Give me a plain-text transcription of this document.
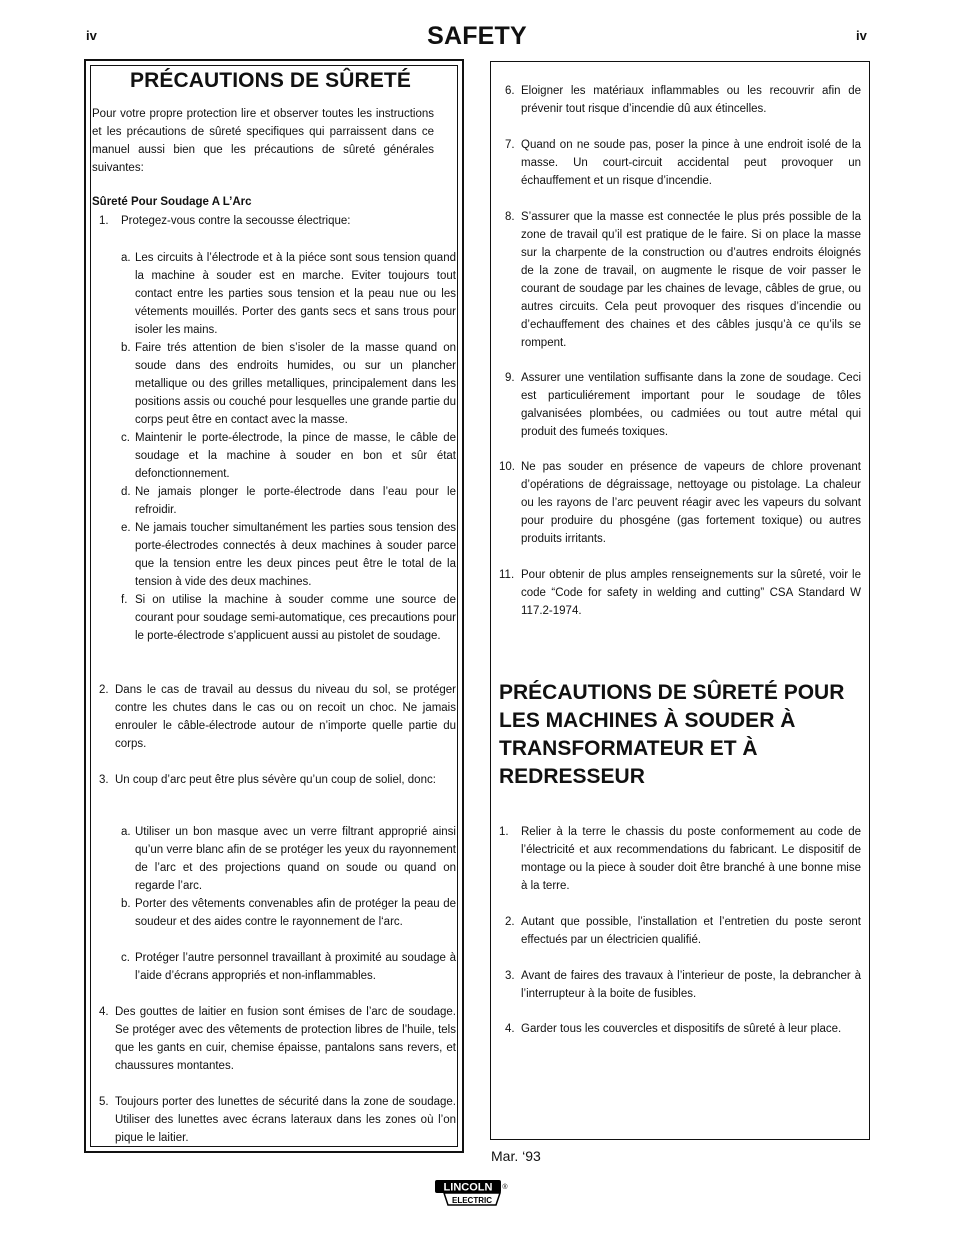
iv	SAFETY	iv
PRÉCAUTIONS DE SÛRETÉ
Pour votre propre protection lire et observer toutes les instructions et les précautions de sûreté specifiques qui parraissent dans ce manuel aussi bien que les précautions de sûreté générales suivantes:
Sûreté Pour Soudage A L’Arc
1.	Protegez-vous contre la secousse électrique:
a. Les circuits à l’électrode et à la piéce sont sous tension quand la machine à souder est en marche. Eviter toujours tout contact entre les parties sous tension et la peau nue ou les vétements mouillés. Porter des gants secs et sans trous pour isoler les mains.
b. Faire trés attention de bien s’isoler de la masse quand on soude dans des endroits humides, ou sur un plancher metallique ou des grilles metalliques, principalement dans les positions assis ou couché pour lesquelles une grande partie du corps peut être en contact avec la masse.
c. Maintenir le porte-électrode, la pince de masse, le câble de soudage et la machine à souder en bon et sûr état defonctionnement.
d. Ne jamais plonger le porte-électrode dans l’eau pour le refroidir.
e. Ne jamais toucher simultanément les parties sous tension des porte-électrodes connectés à deux machines à souder parce que la tension entre les deux pinces peut être le total de la tension à vide des deux machines.
f. Si on utilise la machine à souder comme une source de courant pour soudage semi-automatique, ces precautions pour le porte-électrode s’applicuent aussi au pistolet de soudage.
2. Dans le cas de travail au dessus du niveau du sol, se protéger contre les chutes dans le cas ou on recoit un choc. Ne jamais enrouler le câble-électrode autour de n’importe quelle partie du corps.
3. Un coup d’arc peut être plus sévère qu’un coup de soliel, donc:
a. Utiliser un bon masque avec un verre filtrant approprié ainsi qu’un verre blanc afin de se protéger les yeux du rayonnement de l’arc et des projections quand on soude ou quand on regarde l’arc.
b. Porter des vêtements convenables afin de protéger la peau de soudeur et des aides contre le rayonnement de l‘arc.
c. Protéger l’autre personnel travaillant à proximité au soudage à l’aide d’écrans appropriés et non-inflammables.
4. Des gouttes de laitier en fusion sont émises de l’arc de soudage. Se protéger avec des vêtements de protection libres de l’huile, tels que les gants en cuir, chemise épaisse, pantalons sans revers, et chaussures montantes.
5. Toujours porter des lunettes de sécurité dans la zone de soudage. Utiliser des lunettes avec écrans lateraux dans les zones où l’on pique le laitier.
6. Eloigner les matériaux inflammables ou les recouvrir afin de prévenir tout risque d’incendie dû aux étincelles.
7. Quand on ne soude pas, poser la pince à une endroit isolé de la masse. Un court-circuit accidental peut provoquer un échauffement et un risque d’incendie.
8. S’assurer que la masse est connectée le plus prés possible de la zone de travail qu’il est pratique de le faire. Si on place la masse sur la charpente de la construction ou d’autres endroits éloignés de la zone de travail, on augmente le risque de voir passer le courant de soudage par les chaines de levage, câbles de grue, ou autres circuits. Cela peut provoquer des risques d’incendie ou d’echauffement des chaines et des câbles jusqu’à ce qu’ils se rompent.
9. Assurer une ventilation suffisante dans la zone de soudage. Ceci est particuliérement important pour le soudage de tôles galvanisées plombées, ou cadmiées ou tout autre métal qui produit des fumeés toxiques.
10. Ne pas souder en présence de vapeurs de chlore provenant d’opérations de dégraissage, nettoyage ou pistolage. La chaleur ou les rayons de l’arc peuvent réagir avec les vapeurs du solvant pour produire du phosgéne (gas fortement toxique) ou autres produits irritants.
11. Pour obtenir de plus amples renseignements sur la sûreté, voir le code “Code for safety in welding and cutting” CSA Standard W 117.2-1974.
PRÉCAUTIONS DE SÛRETÉ POUR LES MACHINES À SOUDER À TRANSFORMATEUR ET À REDRESSEUR
1.	Relier à la terre le chassis du poste conformement au code de l’électricité et aux recommendations du fabricant. Le dispositif de montage ou la piece à souder doit être branché à une bonne mise à la terre.
2. Autant que possible, l’installation et l’entretien du poste seront effectués par un électricien qualifié.
3. Avant de faires des travaux à l’interieur de poste, la debrancher à l’interrupteur à la boite de fusibles.
4. Garder tous les couvercles et dispositifs de sûreté à leur place.
Mar. ‘93
LINCOLN
ELECTRIC
®
